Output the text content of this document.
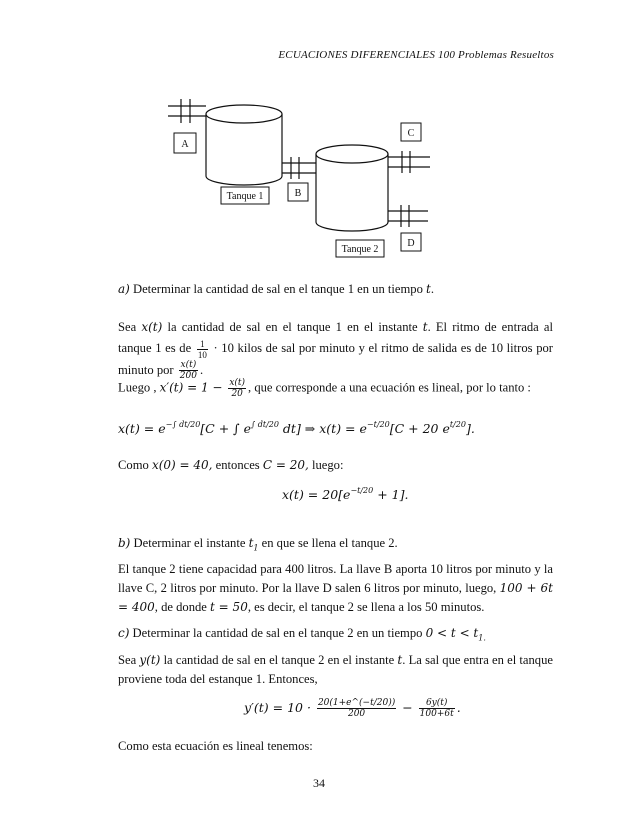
ECUACIONES DIFERENCIALES 100 Problemas Resueltos
A
B
C
D
Tanque 1
Tanque 2
a) Determinar la cantidad de sal en el tanque 1 en un tiempo t.
Sea x(t) la cantidad de sal en el tanque 1 en el instante t. El ritmo de entrada al tanque 1 es de $\frac{1}{10} \cdot 10$ kilos de sal por minuto y el ritmo de salida es de 10 litros por minuto por $\frac{x(t)}{200}$ .
Luego , $x'(t) = 1 - \frac{x(t)}{20}$ , que corresponde a una ecuación es lineal, por lo tanto :
$x(t) = e^{-\int dt/20}[C$ + ∫ $e^{\int dt/20}$ dt] ⇒ $x(t) = e^{-t/20}[C + 20$ $e^{t/20}$].
Como x(0) = 40, entonces C = 20, luego:
$x(t) = 20[e^{-t/20} + 1]$.
b) Determinar el instante $t_1$ en que se llena el tanque 2.
El tanque 2 tiene capacidad para 400 litros. La llave B aporta 10 litros por minuto y la llave C, 2 litros por minuto. Por la llave D salen 6 litros por minuto, luego, 100 + 6t = 400, de donde t = 50, es decir, el tanque 2 se llena a los 50 minutos.
c) Determinar la cantidad de sal en el tanque 2 en un tiempo $0 < t < t_{1.}$
Sea y(t) la cantidad de sal en el tanque 2 en el instante t. La sal que entra en el tanque proviene toda del estanque 1. Entonces,
$y'(t) = 10 \cdot \frac{20(1+e\^{}(-t/20))}{200} - \frac{6y(t)}{100+6t}$ .
Como esta ecuación es lineal tenemos:
34
